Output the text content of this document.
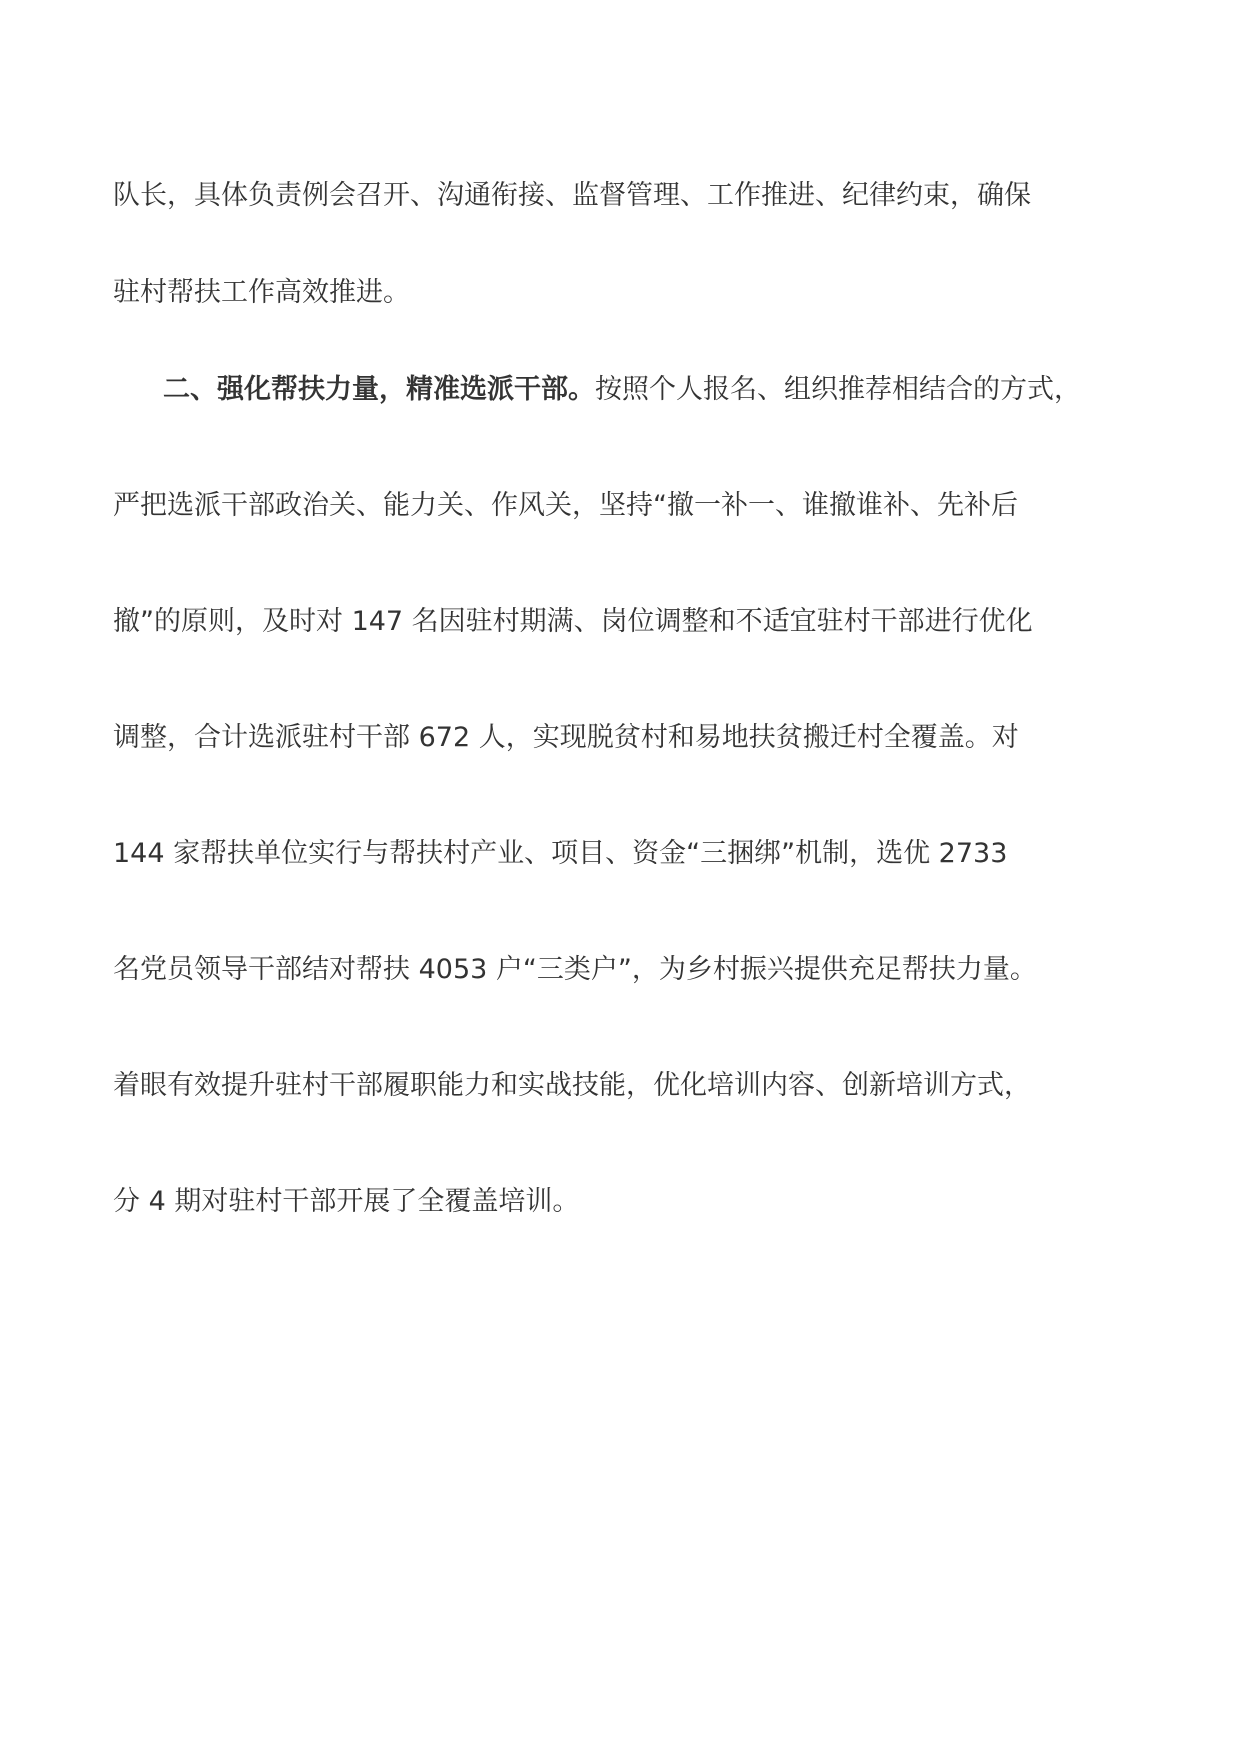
队长，具体负责例会召开、沟通衔接、监督管理、工作推进、纪律约束，确保
驻村帮扶工作高效推进。
二、强化帮扶力量，精准选派干部。按照个人报名、组织推荐相结合的方式，
严把选派干部政治关、能力关、作风关，坚持“撤一补一、谁撤谁补、先补后
撤”的原则，及时对 147 名因驻村期满、岗位调整和不适宜驻村干部进行优化
调整，合计选派驻村干部 672 人，实现脱贫村和易地扶贫搬迁村全覆盖。对
144 家帮扶单位实行与帮扶村产业、项目、资金“三捆绑”机制，选优 2733
名党员领导干部结对帮扶 4053 户“三类户”，为乡村振兴提供充足帮扶力量。
着眼有效提升驻村干部履职能力和实战技能，优化培训内容、创新培训方式，
分 4 期对驻村干部开展了全覆盖培训。
